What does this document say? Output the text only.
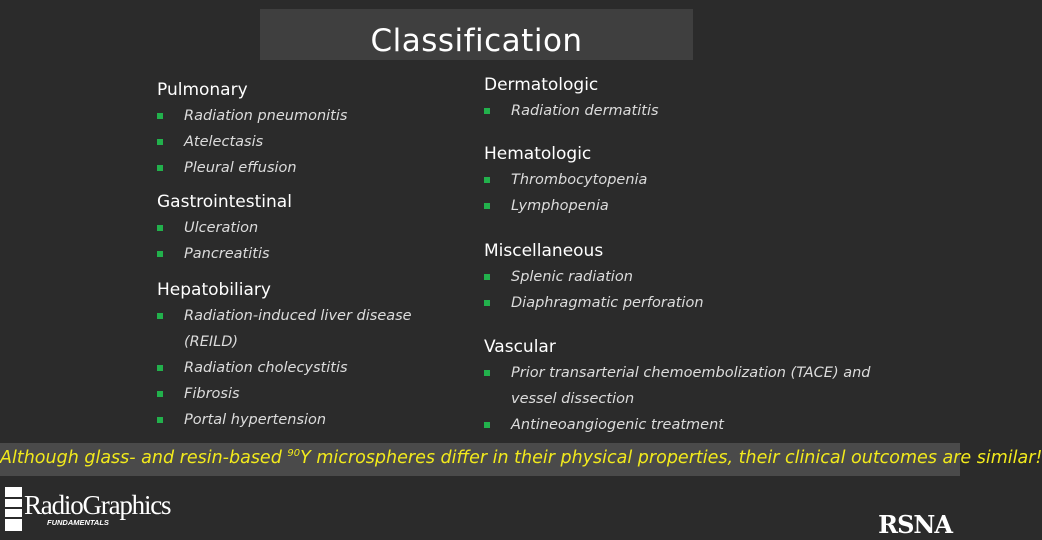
Classification
Pulmonary
Radiation pneumonitis
Atelectasis
Pleural effusion
Gastrointestinal
Ulceration
Pancreatitis
Hepatobiliary
Radiation-induced liver disease (REILD)
Radiation cholecystitis
Fibrosis
Portal hypertension
Dermatologic
Radiation dermatitis
Hematologic
Thrombocytopenia
Lymphopenia
Miscellaneous
Splenic radiation
Diaphragmatic perforation
Vascular
Prior transarterial chemoembolization (TACE) and vessel dissection
Antineoangiogenic treatment
Although glass- and resin-based $^{90}$Y microspheres differ in their physical properties, their clinical outcomes are similar!
RadioGraphics
FUNDAMENTALS	RSNA
